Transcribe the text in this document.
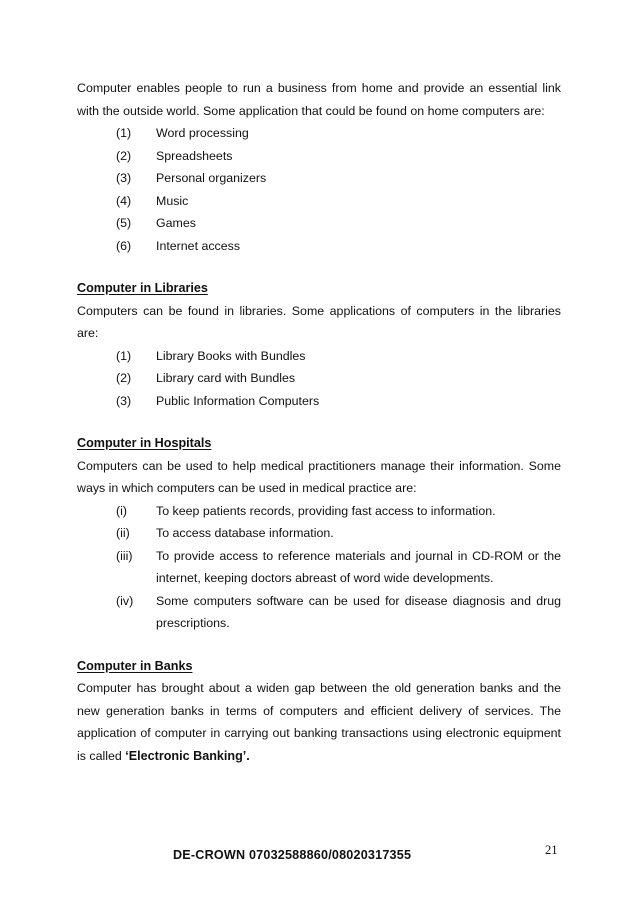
Computer enables people to run a business from home and provide an essential link with the outside world. Some application that could be found on home computers are:

(1)	Word processing
(2)	Spreadsheets
(3)	Personal organizers
(4)	Music
(5)	Games
(6)	Internet access
Computer in Libraries

Computers can be found in libraries. Some applications of computers in the libraries are:

(1)	Library Books with Bundles
(2)	Library card with Bundles
(3)	Public Information Computers
Computer in Hospitals

Computers can be used to help medical practitioners manage their information. Some ways in which computers can be used in medical practice are:

(i)	To keep patients records, providing fast access to information.
(ii)	To access database information.
(iii)	To provide access to reference materials and journal in CD-ROM or the internet, keeping doctors abreast of word wide developments.
(iv)	Some computers software can be used for disease diagnosis and drug prescriptions.
Computer in Banks

Computer has brought about a widen gap between the old generation banks and the new generation banks in terms of computers and efficient delivery of services. The application of computer in carrying out banking transactions using electronic equipment is called ‘Electronic Banking’.

DE-CROWN 07032588860/08020317355	21
